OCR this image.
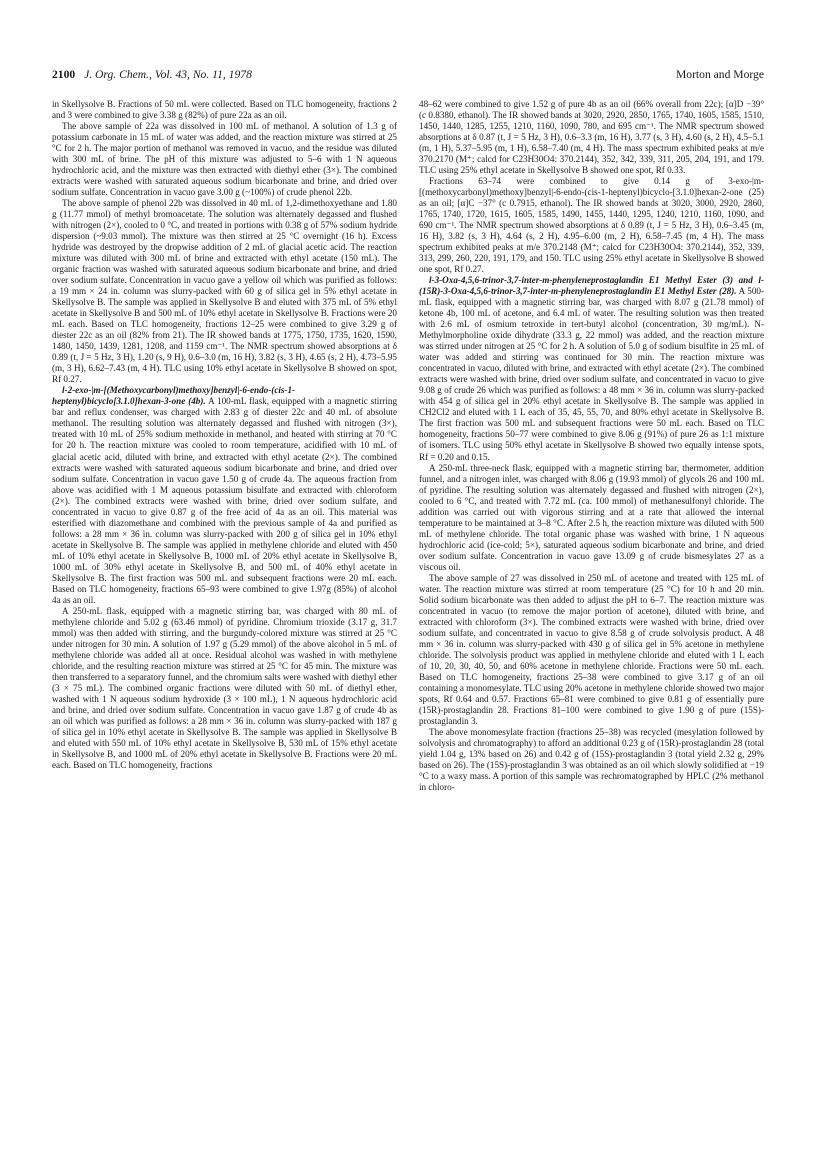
2100 J. Org. Chem., Vol. 43, No. 11, 1978	Morton and Morge

in Skellysolve B. Fractions of 50 mL were collected. Based on TLC homogeneity, fractions 2 and 3 were combined to give 3.38 g (82%) of pure 22a as an oil.

The above sample of 22a was dissolved in 100 mL of methanol. A solution of 1.3 g of potassium carbonate in 15 mL of water was added, and the reaction mixture was stirred at 25 °C for 2 h. The major portion of methanol was removed in vacuo, and the residue was diluted with 300 mL of brine. The pH of this mixture was adjusted to 5–6 with 1 N aqueous hydrochloric acid, and the mixture was then extracted with diethyl ether (3×). The combined extracts were washed with saturated aqueous sodium bicarbonate and brine, and dried over sodium sulfate. Concentration in vacuo gave 3.00 g (~100%) of crude phenol 22b.

The above sample of phenol 22b was dissolved in 40 mL of 1,2-dimethoxyethane and 1.80 g (11.77 mmol) of methyl bromoacetate. The solution was alternately degassed and flushed with nitrogen (2×), cooled to 0 °C, and treated in portions with 0.38 g of 57% sodium hydride dispersion (~9.03 mmol). The mixture was then stirred at 25 °C overnight (16 h). Excess hydride was destroyed by the dropwise addition of 2 mL of glacial acetic acid. The reaction mixture was diluted with 300 mL of brine and extracted with ethyl acetate (150 mL). The organic fraction was washed with saturated aqueous sodium bicarbonate and brine, and dried over sodium sulfate. Concentration in vacuo gave a yellow oil which was purified as follows: a 19 mm × 24 in. column was slurry-packed with 60 g of silica gel in 5% ethyl acetate in Skellysolve B. The sample was applied in Skellysolve B and eluted with 375 mL of 5% ethyl acetate in Skellysolve B and 500 mL of 10% ethyl acetate in Skellysolve B. Fractions were 20 mL each. Based on TLC homogeneity, fractions 12–25 were combined to give 3.29 g of diester 22c as an oil (82% from 21). The IR showed bands at 1775, 1750, 1735, 1620, 1590, 1480, 1450, 1439, 1281, 1208, and 1159 cm⁻¹. The NMR spectrum showed absorptions at δ 0.89 (t, J = 5 Hz, 3 H), 1.20 (s, 9 H), 0.6–3.0 (m, 16 H), 3.82 (s, 3 H), 4.65 (s, 2 H), 4.73–5.95 (m, 3 H), 6.62–7.43 (m, 4 H). TLC using 10% ethyl acetate in Skellysolve B showed on spot, Rf 0.27.

l-2-exo-|m-[(Methoxycarbonyl)methoxy]benzyl|-6-endo-(cis-1-heptenyl)bicyclo[3.1.0]hexan-3-one (4b). A 100-mL flask, equipped with a magnetic stirring bar and reflux condenser, was charged with 2.83 g of diester 22c and 40 mL of absolute methanol. The resulting solution was alternately degassed and flushed with nitrogen (3×), treated with 10 mL of 25% sodium methoxide in methanol, and heated with stirring at 70 °C for 20 h. The reaction mixture was cooled to room temperature, acidified with 10 mL of glacial acetic acid, diluted with brine, and extracted with ethyl acetate (2×). The combined extracts were washed with saturated aqueous sodium bicarbonate and brine, and dried over sodium sulfate. Concentration in vacuo gave 1.50 g of crude 4a. The aqueous fraction from above was acidified with 1 M aqueous potassium bisulfate and extracted with chloroform (2×). The combined extracts were washed with brine, dried over sodium sulfate, and concentrated in vacuo to give 0.87 g of the free acid of 4a as an oil. This material was esterified with diazomethane and combined with the previous sample of 4a and purified as follows: a 28 mm × 36 in. column was slurry-packed with 200 g of silica gel in 10% ethyl acetate in Skellysolve B. The sample was applied in methylene chloride and eluted with 450 mL of 10% ethyl acetate in Skellysolve B, 1000 mL of 20% ethyl acetate in Skellysolve B, 1000 mL of 30% ethyl acetate in Skellysolve B, and 500 mL of 40% ethyl acetate in Skellysolve B. The first fraction was 500 mL and subsequent fractions were 20 mL each. Based on TLC homogeneity, fractions 65–93 were combined to give 1.97g (85%) of alcohol 4a as an oil.

A 250-mL flask, equipped with a magnetic stirring bar, was charged with 80 mL of methylene chloride and 5.02 g (63.46 mmol) of pyridine. Chromium trioxide (3.17 g, 31.7 mmol) was then added with stirring, and the burgundy-colored mixture was stirred at 25 °C under nitrogen for 30 min. A solution of 1.97 g (5.29 mmol) of the above alcohol in 5 mL of methylene chloride was added all at once. Residual alcohol was washed in with methylene chloride, and the resulting reaction mixture was stirred at 25 °C for 45 min. The mixture was then transferred to a separatory funnel, and the chromium salts were washed with diethyl ether (3 × 75 mL). The combined organic fractions were diluted with 50 mL of diethyl ether, washed with 1 N aqueous sodium hydroxide (3 × 100 mL), 1 N aqueous hydrochloric acid and brine, and dried over sodium sulfate. Concentration in vacuo gave 1.87 g of crude 4b as an oil which was purified as follows: a 28 mm × 36 in. column was slurry-packed with 187 g of silica gel in 10% ethyl acetate in Skellysolve B. The sample was applied in Skellysolve B and eluted with 550 mL of 10% ethyl acetate in Skellysolve B, 530 mL of 15% ethyl acetate in Skellysolve B, and 1000 mL of 20% ethyl acetate in Skellysolve B. Fractions were 20 mL each. Based on TLC homogeneity, fractions

48–62 were combined to give 1.52 g of pure 4b as an oil (66% overall from 22c); [α]D −39° (c 0.8380, ethanol). The IR showed bands at 3020, 2920, 2850, 1765, 1740, 1605, 1585, 1510, 1450, 1440, 1285, 1255, 1210, 1160, 1090, 780, and 695 cm⁻¹. The NMR spectrum showed absorptions at δ 0.87 (t, J = 5 Hz, 3 H), 0.6–3.3 (m, 16 H), 3.77 (s, 3 H), 4.60 (s, 2 H), 4.5–5.1 (m, 1 H), 5.37–5.95 (m, 1 H), 6.58–7.40 (m, 4 H). The mass spectrum exhibited peaks at m/e 370.2170 (M⁺; calcd for C23H30O4: 370.2144), 352, 342, 339, 311, 205, 204, 191, and 179. TLC using 25% ethyl acetate in Skellysolve B showed one spot, Rf 0.33.

Fractions 63–74 were combined to give 0.14 g of 3-exo-|m-[(methoxycarbonyl)methoxy]benzyl|-6-endo-(cis-1-heptenyl)bicyclo-[3.1.0]hexan-2-one (25) as an oil; [α]C −37° (c 0.7915, ethanol). The IR showed bands at 3020, 3000, 2920, 2860, 1765, 1740, 1720, 1615, 1605, 1585, 1490, 1455, 1440, 1295, 1240, 1210, 1160, 1090, and 690 cm⁻¹. The NMR spectrum showed absorptions at δ 0.89 (t, J = 5 Hz, 3 H), 0.6–3.45 (m, 16 H), 3.82 (s, 3 H), 4.64 (s, 2 H), 4.95–6.00 (m, 2 H), 6.58–7.45 (m, 4 H). The mass spectrum exhibited peaks at m/e 370.2148 (M⁺; calcd for C23H30O4: 370.2144), 352, 339, 313, 299, 260, 220, 191, 179, and 150. TLC using 25% ethyl acetate in Skellysolve B showed one spot, Rf 0.27.

l-3-Oxa-4,5,6-trinor-3,7-inter-m-phenyleneprostaglandin E1 Methyl Ester (3) and l-(15R)-3-Oxa-4,5,6-trinor-3,7-inter-m-phenyleneprostaglandin E1 Methyl Ester (28). A 500-mL flask, equipped with a magnetic stirring bar, was charged with 8.07 g (21.78 mmol) of ketone 4b, 100 mL of acetone, and 6.4 mL of water. The resulting solution was then treated with 2.6 mL of osmium tetroxide in tert-butyl alcohol (concentration, 30 mg/mL). N-Methylmorpholine oxide dihydrate (33.3 g, 22 mmol) was added, and the reaction mixture was stirred under nitrogen at 25 °C for 2 h. A solution of 5.0 g of sodium bisulfite in 25 mL of water was added and stirring was continued for 30 min. The reaction mixture was concentrated in vacuo, diluted with brine, and extracted with ethyl acetate (2×). The combined extracts were washed with brine, dried over sodium sulfate, and concentrated in vacuo to give 9.08 g of crude 26 which was purified as follows: a 48 mm × 36 in. column was slurry-packed with 454 g of silica gel in 20% ethyl acetate in Skellysolve B. The sample was applied in CH2Cl2 and eluted with 1 L each of 35, 45, 55, 70, and 80% ethyl acetate in Skellysolve B. The first fraction was 500 mL and subsequent fractions were 50 mL each. Based on TLC homogeneity, fractions 50–77 were combined to give 8.06 g (91%) of pure 26 as 1:1 mixture of isomers. TLC using 50% ethyl acetate in Skellysolve B showed two equally intense spots, Rf = 0.20 and 0.15.

A 250-mL three-neck flask, equipped with a magnetic stirring bar, thermometer, addition funnel, and a nitrogen inlet, was charged with 8.06 g (19.93 mmol) of glycols 26 and 100 mL of pyridine. The resulting solution was alternately degassed and flushed with nitrogen (2×), cooled to 6 °C, and treated with 7.72 mL (ca. 100 mmol) of methanesulfonyl chloride. The addition was carried out with vigorous stirring and at a rate that allowed the internal temperature to be maintained at 3–8 °C. After 2.5 h, the reaction mixture was diluted with 500 mL of methylene chloride. The total organic phase was washed with brine, 1 N aqueous hydrochloric acid (ice-cold; 5×), saturated aqueous sodium bicarbonate and brine, and dried over sodium sulfate. Concentration in vacuo gave 13.09 g of crude bismesylates 27 as a viscous oil.

The above sample of 27 was dissolved in 250 mL of acetone and treated with 125 mL of water. The reaction mixture was stirred at room temperature (25 °C) for 10 h and 20 min. Solid sodium bicarbonate was then added to adjust the pH to 6–7. The reaction mixture was concentrated in vacuo (to remove the major portion of acetone), diluted with brine, and extracted with chloroform (3×). The combined extracts were washed with brine, dried over sodium sulfate, and concentrated in vacuo to give 8.58 g of crude solvolysis product. A 48 mm × 36 in. column was slurry-packed with 430 g of silica gel in 5% acetone in methylene chloride. The solvolysis product was applied in methylene chloride and eluted with 1 L each of 10, 20, 30, 40, 50, and 60% acetone in methylene chloride. Fractions were 50 mL each. Based on TLC homogeneity, fractions 25–38 were combined to give 3.17 g of an oil containing a monomesylate. TLC using 20% acetone in methylene chloride showed two major spots, Rf 0.64 and 0.57. Fractions 65–81 were combined to give 0.81 g of essentially pure (15R)-prostaglandin 28. Fractions 81–100 were combined to give 1.90 g of pure (15S)-prostaglandin 3.

The above monomesylate fraction (fractions 25–38) was recycled (mesylation followed by solvolysis and chromatography) to afford an additional 0.23 g of (15R)-prostaglandin 28 (total yield 1.04 g, 13% based on 26) and 0.42 g of (15S)-prostaglandin 3 (total yield 2.32 g, 29% based on 26). The (15S)-prostaglandin 3 was obtained as an oil which slowly solidified at −19 °C to a waxy mass. A portion of this sample was rechromatographed by HPLC (2% methanol in chloro-
